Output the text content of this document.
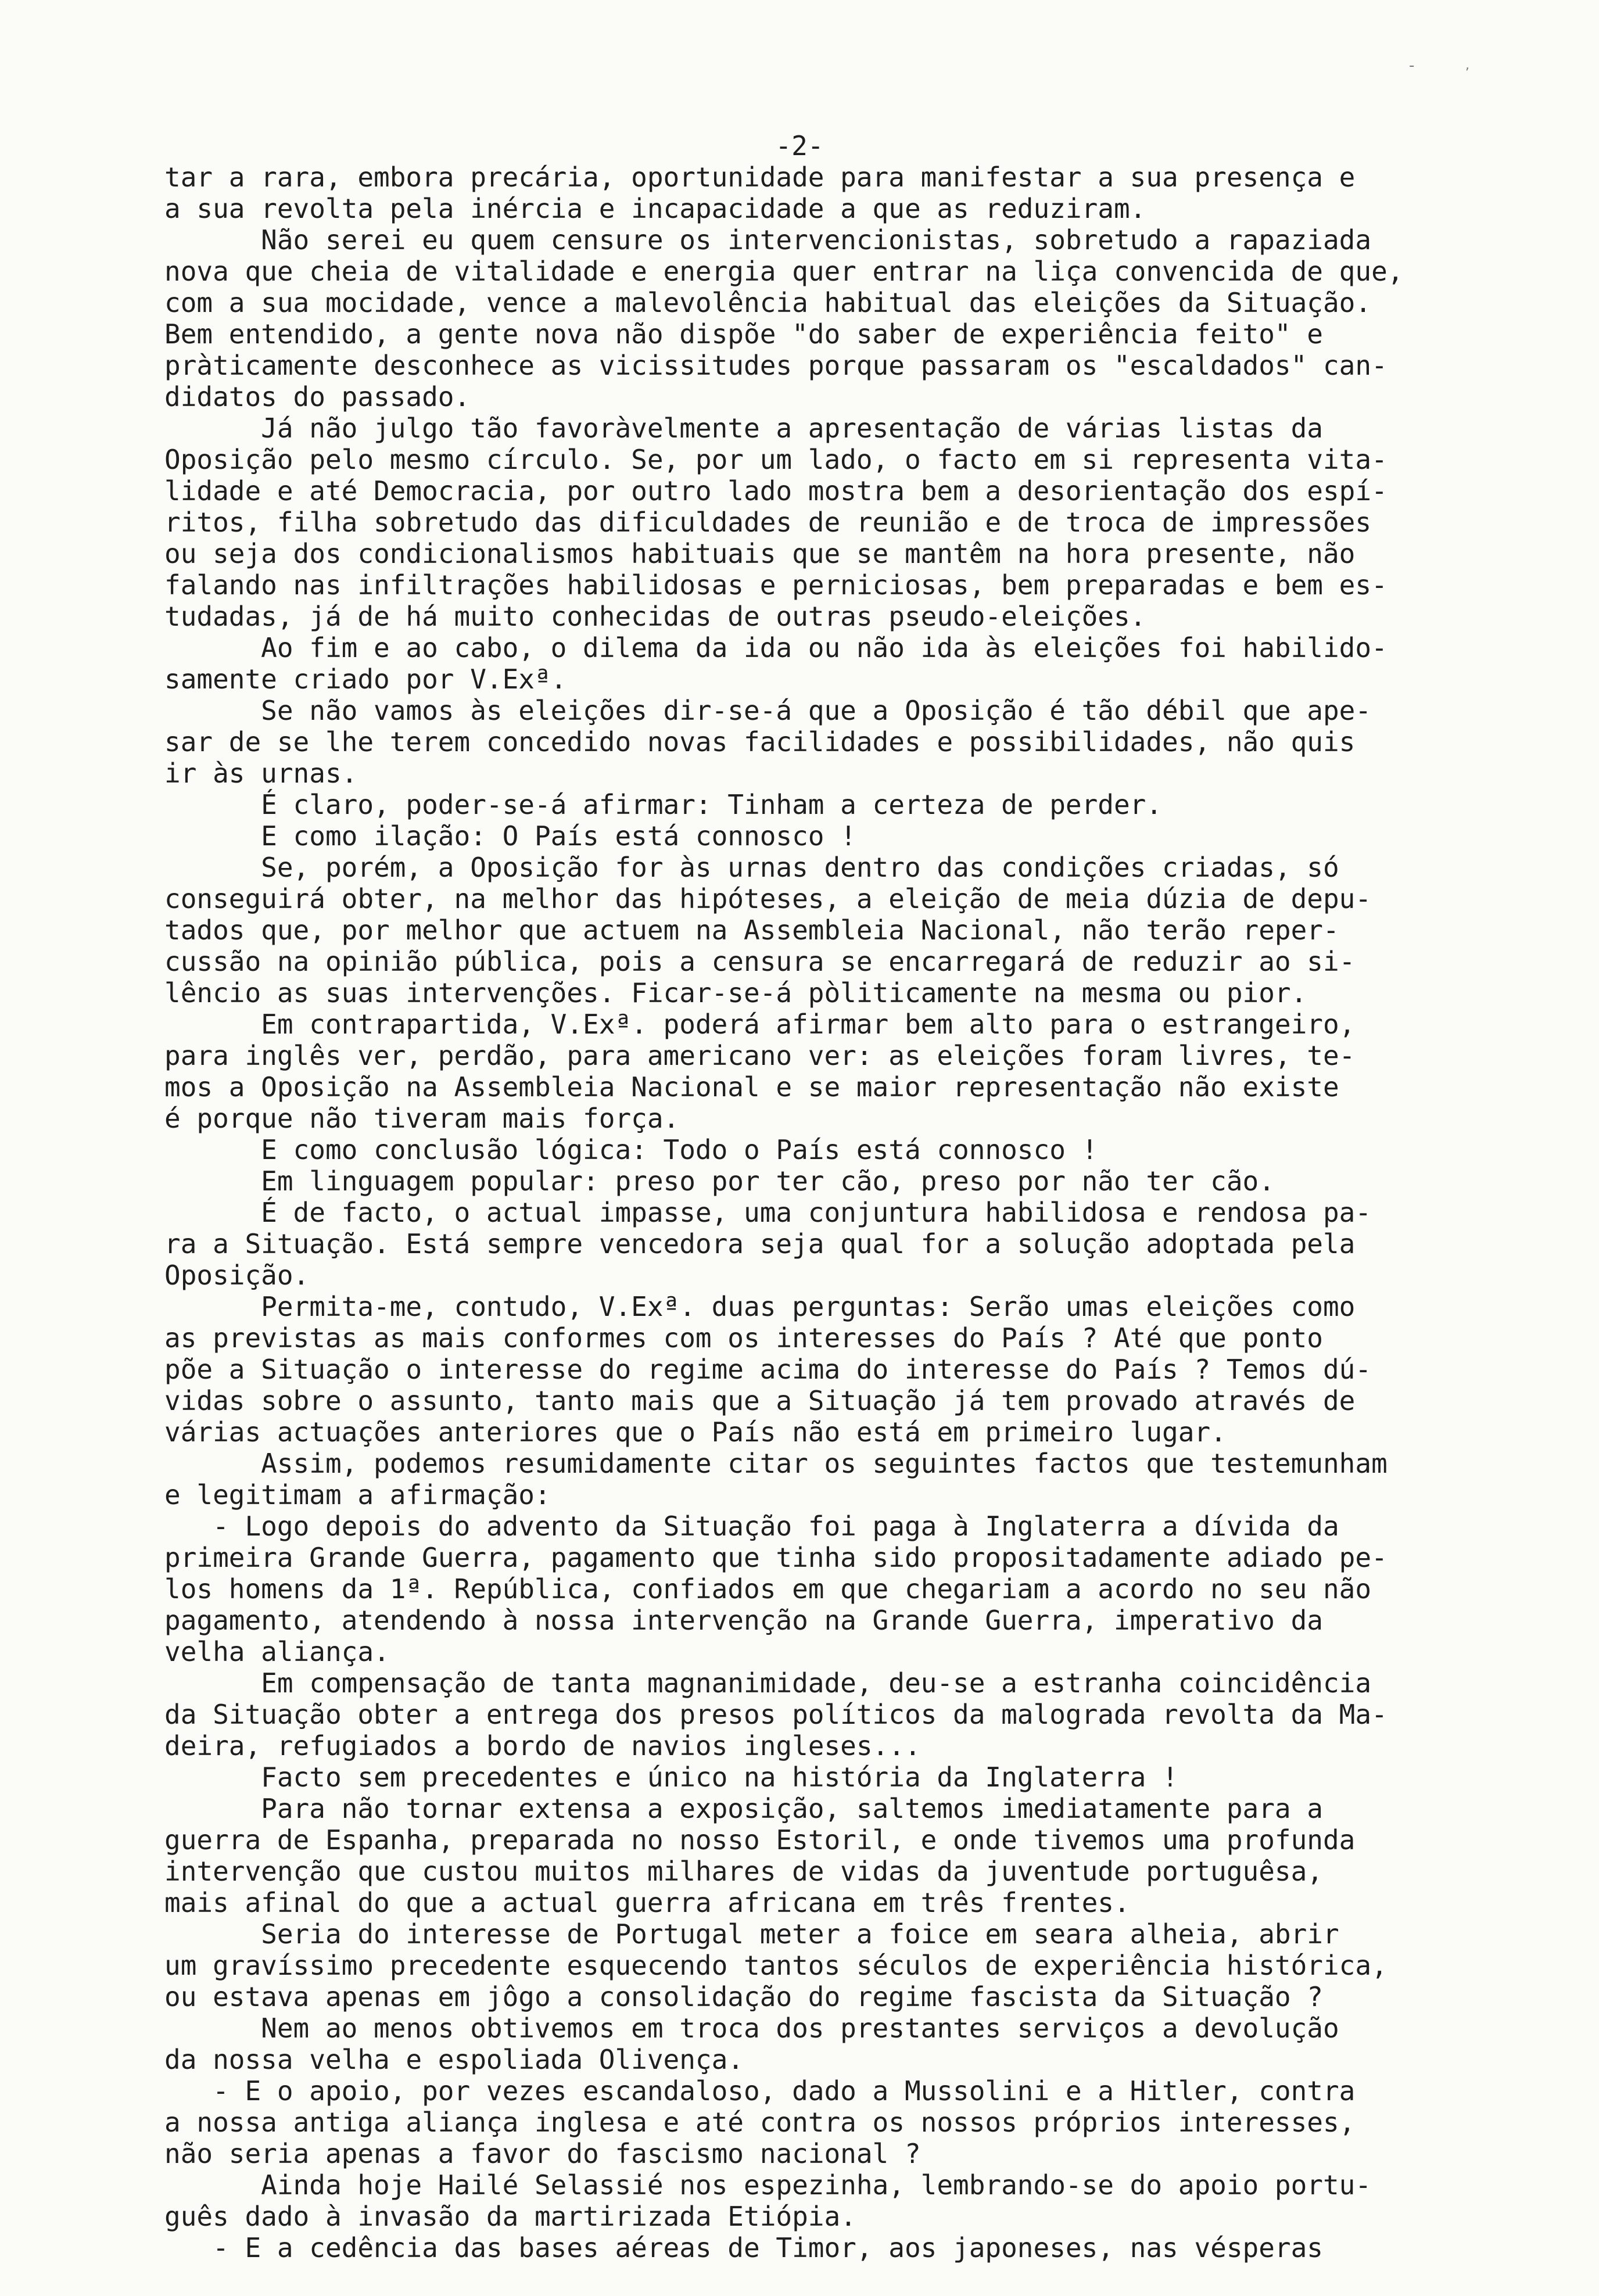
-	,
-2-
tar a rara, embora precária, oportunidade para manifestar a sua presença e
a sua revolta pela inércia e incapacidade a que as reduziram.
Não serei eu quem censure os intervencionistas, sobretudo a rapaziada
nova que cheia de vitalidade e energia quer entrar na liça convencida de que,
com a sua mocidade, vence a malevolência habitual das eleições da Situação.
Bem entendido, a gente nova não dispõe "do saber de experiência feito" e
pràticamente desconhece as vicissitudes porque passaram os "escaldados" can-
didatos do passado.
Já não julgo tão favoràvelmente a apresentação de várias listas da
Oposição pelo mesmo círculo. Se, por um lado, o facto em si representa vita-
lidade e até Democracia, por outro lado mostra bem a desorientação dos espí-
ritos, filha sobretudo das dificuldades de reunião e de troca de impressões
ou seja dos condicionalismos habituais que se mantêm na hora presente, não
falando nas infiltrações habilidosas e perniciosas, bem preparadas e bem es-
tudadas, já de há muito conhecidas de outras pseudo-eleições.
Ao fim e ao cabo, o dilema da ida ou não ida às eleições foi habilido-
samente criado por V.Exª.
Se não vamos às eleições dir-se-á que a Oposição é tão débil que ape-
sar de se lhe terem concedido novas facilidades e possibilidades, não quis
ir às urnas.
É claro, poder-se-á afirmar: Tinham a certeza de perder.
E como ilação: O País está connosco !
Se, porém, a Oposição for às urnas dentro das condições criadas, só
conseguirá obter, na melhor das hipóteses, a eleição de meia dúzia de depu-
tados que, por melhor que actuem na Assembleia Nacional, não terão reper-
cussão na opinião pública, pois a censura se encarregará de reduzir ao si-
lêncio as suas intervenções. Ficar-se-á pòliticamente na mesma ou pior.
Em contrapartida, V.Exª. poderá afirmar bem alto para o estrangeiro,
para inglês ver, perdão, para americano ver: as eleições foram livres, te-
mos a Oposição na Assembleia Nacional e se maior representação não existe
é porque não tiveram mais força.
E como conclusão lógica: Todo o País está connosco !
Em linguagem popular: preso por ter cão, preso por não ter cão.
É de facto, o actual impasse, uma conjuntura habilidosa e rendosa pa-
ra a Situação. Está sempre vencedora seja qual for a solução adoptada pela
Oposição.
Permita-me, contudo, V.Exª. duas perguntas: Serão umas eleições como
as previstas as mais conformes com os interesses do País ? Até que ponto
põe a Situação o interesse do regime acima do interesse do País ? Temos dú-
vidas sobre o assunto, tanto mais que a Situação já tem provado através de
várias actuações anteriores que o País não está em primeiro lugar.
Assim, podemos resumidamente citar os seguintes factos que testemunham
e legitimam a afirmação:
- Logo depois do advento da Situação foi paga à Inglaterra a dívida da
primeira Grande Guerra, pagamento que tinha sido propositadamente adiado pe-
los homens da 1ª. República, confiados em que chegariam a acordo no seu não
pagamento, atendendo à nossa intervenção na Grande Guerra, imperativo da
velha aliança.
Em compensação de tanta magnanimidade, deu-se a estranha coincidência
da Situação obter a entrega dos presos políticos da malograda revolta da Ma-
deira, refugiados a bordo de navios ingleses...
Facto sem precedentes e único na história da Inglaterra !
Para não tornar extensa a exposição, saltemos imediatamente para a
guerra de Espanha, preparada no nosso Estoril, e onde tivemos uma profunda
intervenção que custou muitos milhares de vidas da juventude portuguêsa,
mais afinal do que a actual guerra africana em três frentes.
Seria do interesse de Portugal meter a foice em seara alheia, abrir
um gravíssimo precedente esquecendo tantos séculos de experiência histórica,
ou estava apenas em jôgo a consolidação do regime fascista da Situação ?
Nem ao menos obtivemos em troca dos prestantes serviços a devolução
da nossa velha e espoliada Olivença.
- E o apoio, por vezes escandaloso, dado a Mussolini e a Hitler, contra
a nossa antiga aliança inglesa e até contra os nossos próprios interesses,
não seria apenas a favor do fascismo nacional ?
Ainda hoje Hailé Selassié nos espezinha, lembrando-se do apoio portu-
guês dado à invasão da martirizada Etiópia.
- E a cedência das bases aéreas de Timor, aos japoneses, nas vésperas
